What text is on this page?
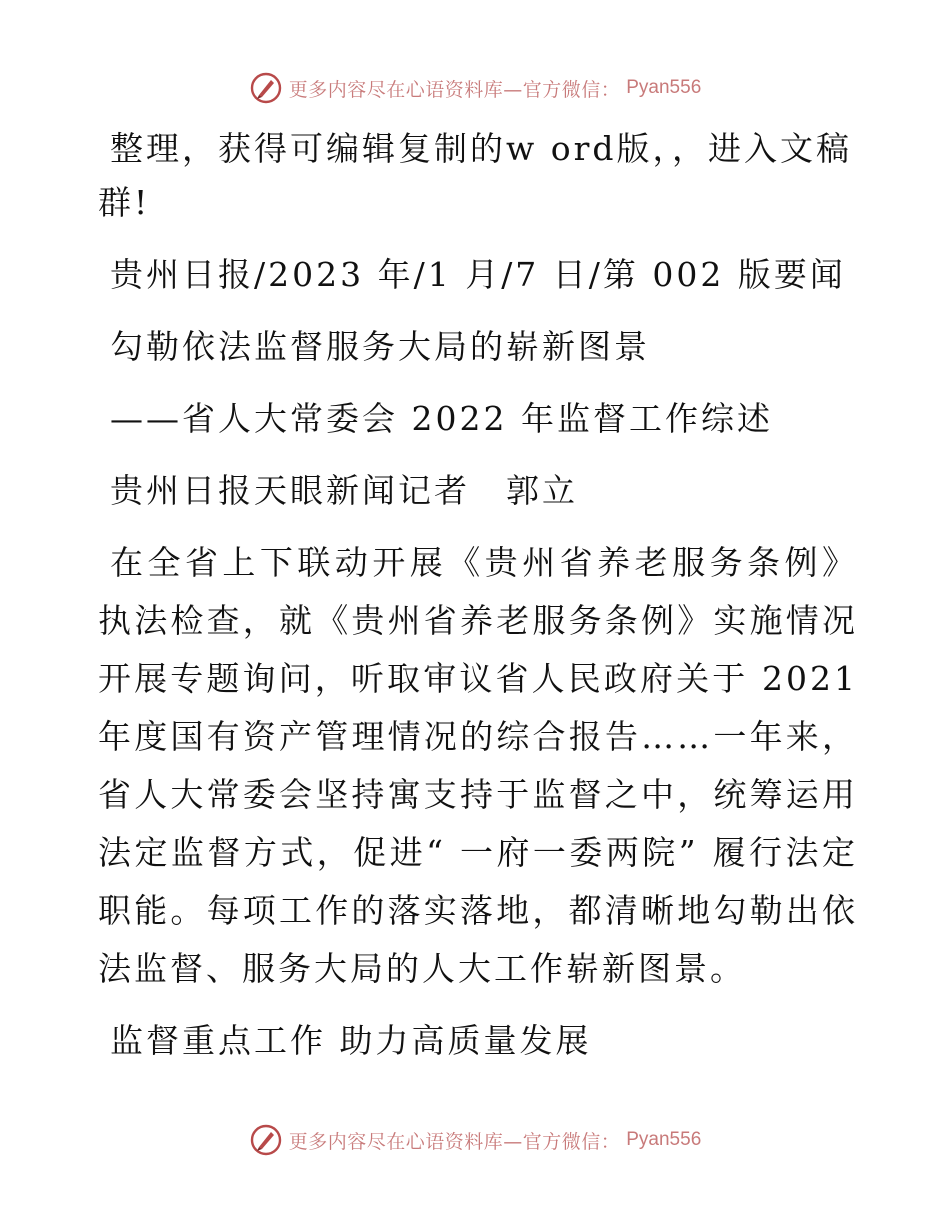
更多内容尽在心语资料库—官方微信： Pyan556

整理，获得可编辑复制的w ord版，，进入文稿

群!

贵州日报/2023 年/1 月/7 日/第 002 版要闻

勾勒依法监督服务大局的崭新图景

——省人大常委会 2022 年监督工作综述

贵州日报天眼新闻记者　郭立

在全省上下联动开展《贵州省养老服务条例》执法检查，就《贵州省养老服务条例》实施情况开展专题询问，听取审议省人民政府关于 2021 年度国有资产管理情况的综合报告……一年来，省人大常委会坚持寓支持于监督之中，统筹运用法定监督方式，促进“ 一府一委两院” 履行法定职能。每项工作的落实落地，都清晰地勾勒出依法监督、服务大局的人大工作崭新图景。

监督重点工作 助力高质量发展

更多内容尽在心语资料库—官方微信： Pyan556
